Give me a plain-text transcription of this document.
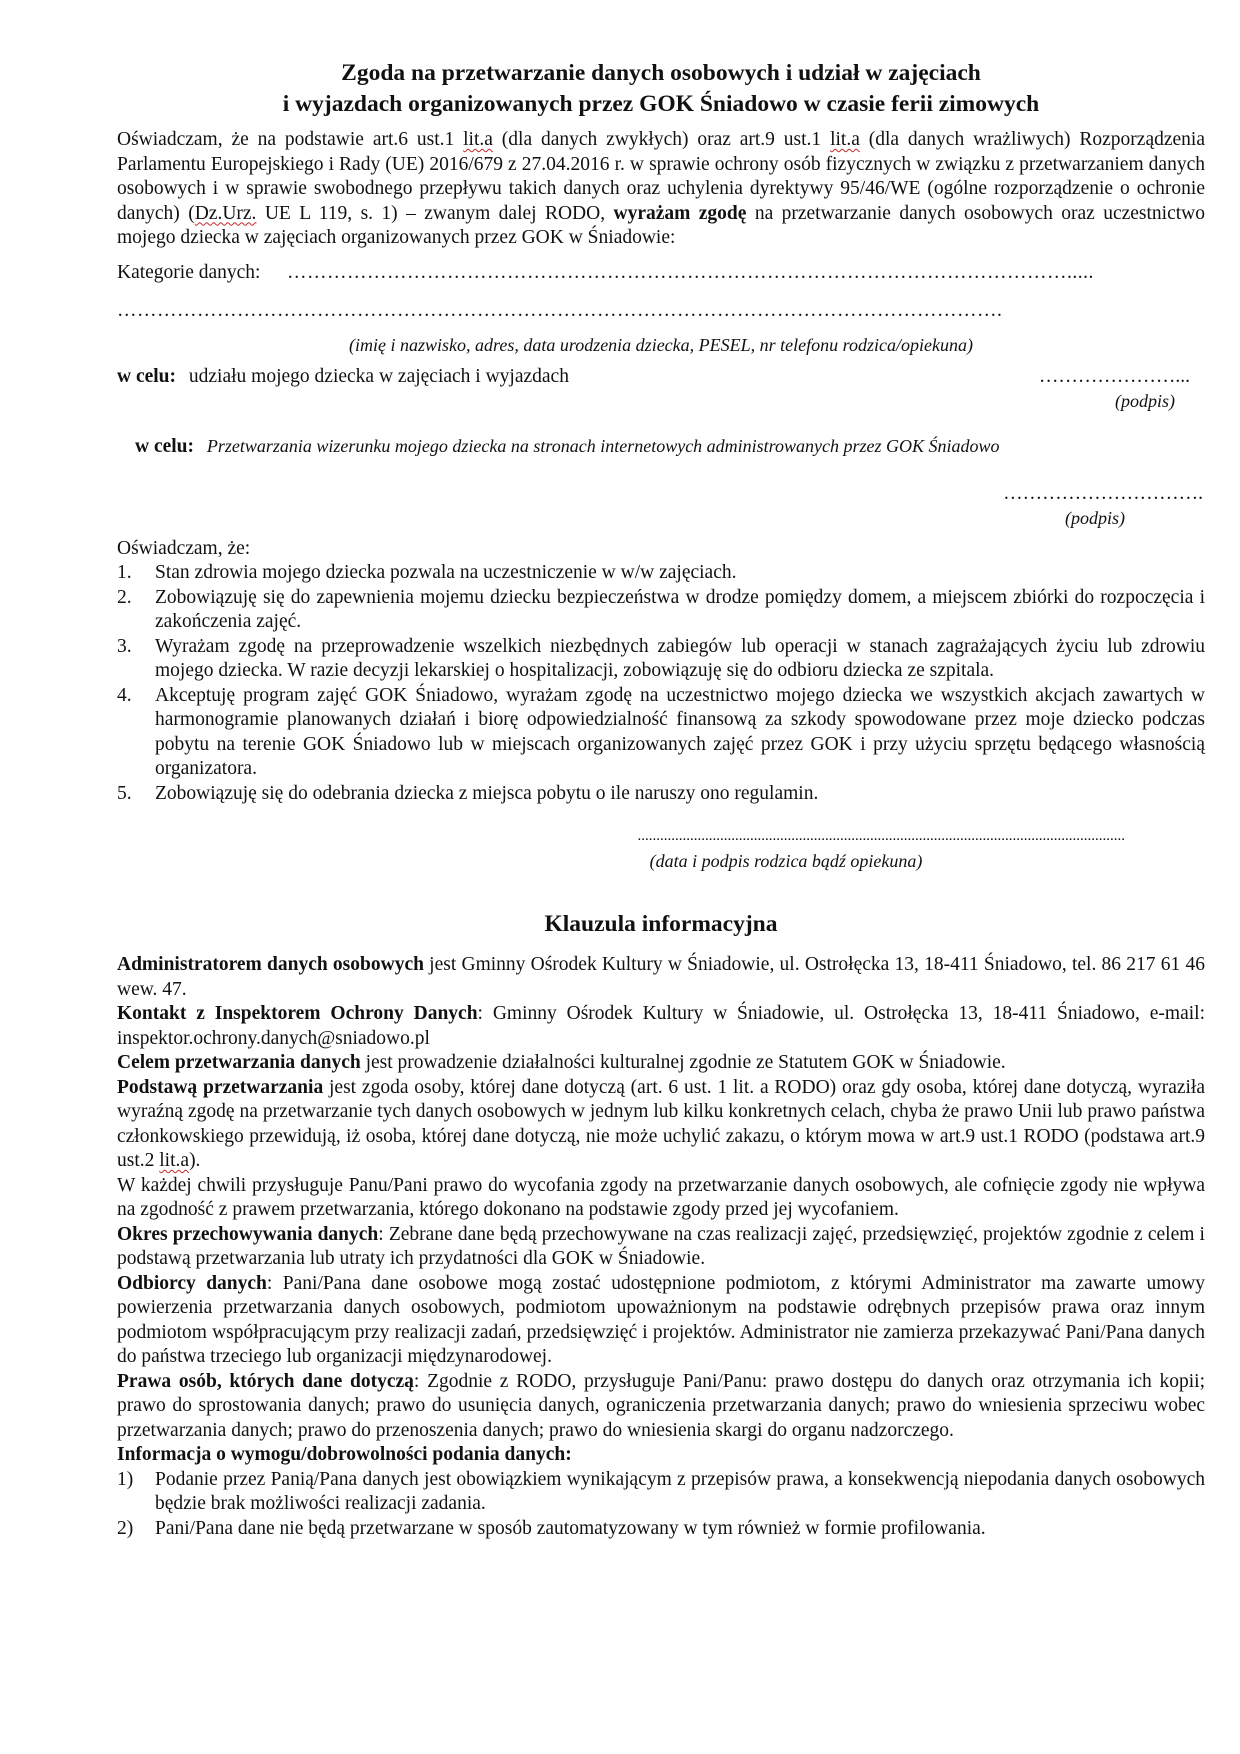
Zgoda na przetwarzanie danych osobowych i udział w zajęciach
i wyjazdach organizowanych przez GOK Śniadowo w czasie ferii zimowych

Oświadczam, że na podstawie art.6 ust.1 lit.a (dla danych zwykłych) oraz art.9 ust.1 lit.a (dla danych wrażliwych) Rozporządzenia Parlamentu Europejskiego i Rady (UE) 2016/679 z 27.04.2016 r. w sprawie ochrony osób fizycznych w związku z przetwarzaniem danych osobowych i w sprawie swobodnego przepływu takich danych oraz uchylenia dyrektywy 95/46/WE (ogólne rozporządzenie o ochronie danych) (Dz.Urz. UE L 119, s. 1) – zwanym dalej RODO, wyrażam zgodę na przetwarzanie danych osobowych oraz uczestnictwo mojego dziecka w zajęciach organizowanych przez GOK w Śniadowie:

Kategorie danych: ……………………………………………………………………………………………………….....
…………………………………………………………………………………………………………………….
(imię i nazwisko, adres, data urodzenia dziecka, PESEL, nr telefonu rodzica/opiekuna)
w celu: udziału mojego dziecka w zajęciach i wyjazdach	…………………...
(podpis)
w celu: Przetwarzania wizerunku mojego dziecka na stronach internetowych administrowanych przez GOK Śniadowo
………………………….
(podpis)
Oświadczam, że:
1. Stan zdrowia mojego dziecka pozwala na uczestniczenie w w/w zajęciach.
2. Zobowiązuję się do zapewnienia mojemu dziecku bezpieczeństwa w drodze pomiędzy domem, a miejscem zbiórki do rozpoczęcia i zakończenia zajęć.
3. Wyrażam zgodę na przeprowadzenie wszelkich niezbędnych zabiegów lub operacji w stanach zagrażających życiu lub zdrowiu mojego dziecka. W razie decyzji lekarskiej o hospitalizacji, zobowiązuję się do odbioru dziecka ze szpitala.
4. Akceptuję program zajęć GOK Śniadowo, wyrażam zgodę na uczestnictwo mojego dziecka we wszystkich akcjach zawartych w harmonogramie planowanych działań i biorę odpowiedzialność finansową za szkody spowodowane przez moje dziecko podczas pobytu na terenie GOK Śniadowo lub w miejscach organizowanych zajęć przez GOK i przy użyciu sprzętu będącego własnością organizatora.
5. Zobowiązuję się do odebrania dziecka z miejsca pobytu o ile naruszy ono regulamin.
..................................................................................................................................
(data i podpis rodzica bądź opiekuna)
Klauzula informacyjna

Administratorem danych osobowych jest Gminny Ośrodek Kultury w Śniadowie, ul. Ostrołęcka 13, 18-411 Śniadowo, tel. 86 217 61 46 wew. 47.

Kontakt z Inspektorem Ochrony Danych: Gminny Ośrodek Kultury w Śniadowie, ul. Ostrołęcka 13, 18-411 Śniadowo, e-mail: inspektor.ochrony.danych@sniadowo.pl

Celem przetwarzania danych jest prowadzenie działalności kulturalnej zgodnie ze Statutem GOK w Śniadowie.

Podstawą przetwarzania jest zgoda osoby, której dane dotyczą (art. 6 ust. 1 lit. a RODO) oraz gdy osoba, której dane dotyczą, wyraziła wyraźną zgodę na przetwarzanie tych danych osobowych w jednym lub kilku konkretnych celach, chyba że prawo Unii lub prawo państwa członkowskiego przewidują, iż osoba, której dane dotyczą, nie może uchylić zakazu, o którym mowa w art.9 ust.1 RODO (podstawa art.9 ust.2 lit.a).

W każdej chwili przysługuje Panu/Pani prawo do wycofania zgody na przetwarzanie danych osobowych, ale cofnięcie zgody nie wpływa na zgodność z prawem przetwarzania, którego dokonano na podstawie zgody przed jej wycofaniem.

Okres przechowywania danych: Zebrane dane będą przechowywane na czas realizacji zajęć, przedsięwzięć, projektów zgodnie z celem i podstawą przetwarzania lub utraty ich przydatności dla GOK w Śniadowie.

Odbiorcy danych: Pani/Pana dane osobowe mogą zostać udostępnione podmiotom, z którymi Administrator ma zawarte umowy powierzenia przetwarzania danych osobowych, podmiotom upoważnionym na podstawie odrębnych przepisów prawa oraz innym podmiotom współpracującym przy realizacji zadań, przedsięwzięć i projektów. Administrator nie zamierza przekazywać Pani/Pana danych do państwa trzeciego lub organizacji międzynarodowej.

Prawa osób, których dane dotyczą: Zgodnie z RODO, przysługuje Pani/Panu: prawo dostępu do danych oraz otrzymania ich kopii; prawo do sprostowania danych; prawo do usunięcia danych, ograniczenia przetwarzania danych; prawo do wniesienia sprzeciwu wobec przetwarzania danych; prawo do przenoszenia danych; prawo do wniesienia skargi do organu nadzorczego.

Informacja o wymogu/dobrowolności podania danych:

1) Podanie przez Panią/Pana danych jest obowiązkiem wynikającym z przepisów prawa, a konsekwencją niepodania danych osobowych będzie brak możliwości realizacji zadania.
2) Pani/Pana dane nie będą przetwarzane w sposób zautomatyzowany w tym również w formie profilowania.
